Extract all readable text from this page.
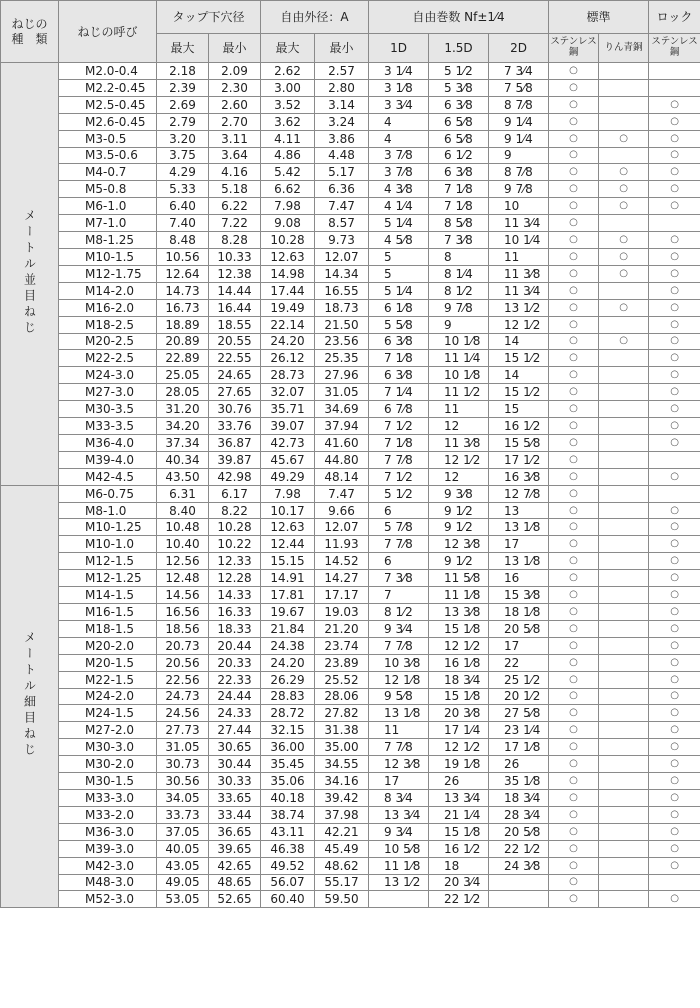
ねじの
種　類	ねじの呼び	タップ下穴径		自由外径：A		自由巻数 Nf±1⁄4			標準		ロック
		最大	最小	最大	最小	1D	1.5D	2D	ステンレス鋼	りん青銅	ステンレス鋼
メートル並目ねじ	M2.0-0.4	2.18	2.09	2.62	2.57	3 1⁄4	5 1⁄2	7 3⁄4	○		
	M2.2-0.45	2.39	2.30	3.00	2.80	3 1⁄8	5 3⁄8	7 5⁄8	○		
	M2.5-0.45	2.69	2.60	3.52	3.14	3 3⁄4	6 3⁄8	8 7⁄8	○		○
	M2.6-0.45	2.79	2.70	3.62	3.24	4	6 5⁄8	9 1⁄4	○		○
	M3-0.5	3.20	3.11	4.11	3.86	4	6 5⁄8	9 1⁄4	○	○	○
	M3.5-0.6	3.75	3.64	4.86	4.48	3 7⁄8	6 1⁄2	9	○		○
	M4-0.7	4.29	4.16	5.42	5.17	3 7⁄8	6 3⁄8	8 7⁄8	○	○	○
	M5-0.8	5.33	5.18	6.62	6.36	4 3⁄8	7 1⁄8	9 7⁄8	○	○	○
	M6-1.0	6.40	6.22	7.98	7.47	4 1⁄4	7 1⁄8	10	○	○	○
	M7-1.0	7.40	7.22	9.08	8.57	5 1⁄4	8 5⁄8	11 3⁄4	○		
	M8-1.25	8.48	8.28	10.28	9.73	4 5⁄8	7 3⁄8	10 1⁄4	○	○	○
	M10-1.5	10.56	10.33	12.63	12.07	5	8	11	○	○	○
	M12-1.75	12.64	12.38	14.98	14.34	5	8 1⁄4	11 3⁄8	○	○	○
	M14-2.0	14.73	14.44	17.44	16.55	5 1⁄4	8 1⁄2	11 3⁄4	○		○
	M16-2.0	16.73	16.44	19.49	18.73	6 1⁄8	9 7⁄8	13 1⁄2	○	○	○
	M18-2.5	18.89	18.55	22.14	21.50	5 5⁄8	9	12 1⁄2	○		○
	M20-2.5	20.89	20.55	24.20	23.56	6 3⁄8	10 1⁄8	14	○	○	○
	M22-2.5	22.89	22.55	26.12	25.35	7 1⁄8	11 1⁄4	15 1⁄2	○		○
	M24-3.0	25.05	24.65	28.73	27.96	6 3⁄8	10 1⁄8	14	○		○
	M27-3.0	28.05	27.65	32.07	31.05	7 1⁄4	11 1⁄2	15 1⁄2	○		○
	M30-3.5	31.20	30.76	35.71	34.69	6 7⁄8	11	15	○		○
	M33-3.5	34.20	33.76	39.07	37.94	7 1⁄2	12	16 1⁄2	○		○
	M36-4.0	37.34	36.87	42.73	41.60	7 1⁄8	11 3⁄8	15 5⁄8	○		○
	M39-4.0	40.34	39.87	45.67	44.80	7 7⁄8	12 1⁄2	17 1⁄2	○		
	M42-4.5	43.50	42.98	49.29	48.14	7 1⁄2	12	16 3⁄8	○		○
メートル細目ねじ	M6-0.75	6.31	6.17	7.98	7.47	5 1⁄2	9 3⁄8	12 7⁄8	○		
	M8-1.0	8.40	8.22	10.17	9.66	6	9 1⁄2	13	○		○
	M10-1.25	10.48	10.28	12.63	12.07	5 7⁄8	9 1⁄2	13 1⁄8	○		○
	M10-1.0	10.40	10.22	12.44	11.93	7 7⁄8	12 3⁄8	17	○		○
	M12-1.5	12.56	12.33	15.15	14.52	6	9 1⁄2	13 1⁄8	○		○
	M12-1.25	12.48	12.28	14.91	14.27	7 3⁄8	11 5⁄8	16	○		○
	M14-1.5	14.56	14.33	17.81	17.17	7	11 1⁄8	15 3⁄8	○		○
	M16-1.5	16.56	16.33	19.67	19.03	8 1⁄2	13 3⁄8	18 1⁄8	○		○
	M18-1.5	18.56	18.33	21.84	21.20	9 3⁄4	15 1⁄8	20 5⁄8	○		○
	M20-2.0	20.73	20.44	24.38	23.74	7 7⁄8	12 1⁄2	17	○		○
	M20-1.5	20.56	20.33	24.20	23.89	10 3⁄8	16 1⁄8	22	○		○
	M22-1.5	22.56	22.33	26.29	25.52	12 1⁄8	18 3⁄4	25 1⁄2	○		○
	M24-2.0	24.73	24.44	28.83	28.06	9 5⁄8	15 1⁄8	20 1⁄2	○		○
	M24-1.5	24.56	24.33	28.72	27.82	13 1⁄8	20 3⁄8	27 5⁄8	○		○
	M27-2.0	27.73	27.44	32.15	31.38	11	17 1⁄4	23 1⁄4	○		○
	M30-3.0	31.05	30.65	36.00	35.00	7 7⁄8	12 1⁄2	17 1⁄8	○		○
	M30-2.0	30.73	30.44	35.45	34.55	12 3⁄8	19 1⁄8	26	○		○
	M30-1.5	30.56	30.33	35.06	34.16	17	26	35 1⁄8	○		○
	M33-3.0	34.05	33.65	40.18	39.42	8 3⁄4	13 3⁄4	18 3⁄4	○		○
	M33-2.0	33.73	33.44	38.74	37.98	13 3⁄4	21 1⁄4	28 3⁄4	○		○
	M36-3.0	37.05	36.65	43.11	42.21	9 3⁄4	15 1⁄8	20 5⁄8	○		○
	M39-3.0	40.05	39.65	46.38	45.49	10 5⁄8	16 1⁄2	22 1⁄2	○		○
	M42-3.0	43.05	42.65	49.52	48.62	11 1⁄8	18	24 3⁄8	○		○
	M48-3.0	49.05	48.65	56.07	55.17	13 1⁄2	20 3⁄4		○		
	M52-3.0	53.05	52.65	60.40	59.50		22 1⁄2		○		○
